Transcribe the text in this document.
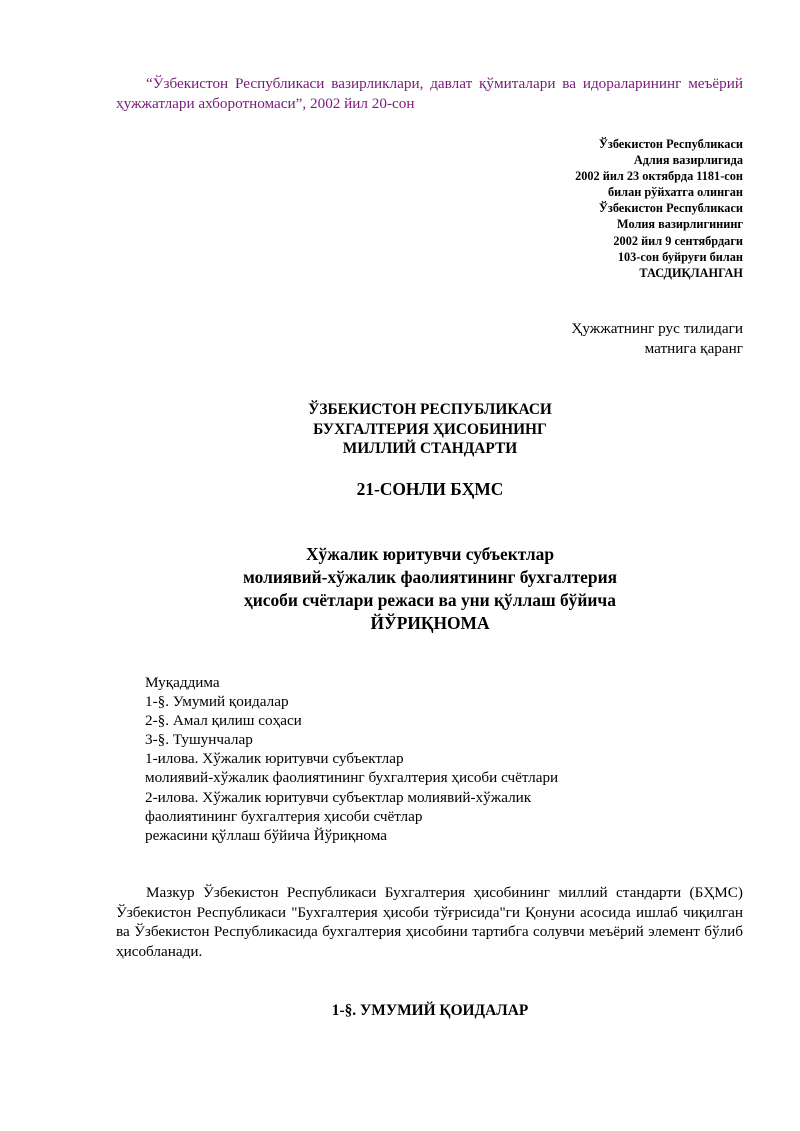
“Ўзбекистон Республикаси вазирликлари, давлат қўмиталари ва идораларининг меъёрий ҳужжатлари ахборотномаси”, 2002 йил 20-сон
Ўзбекистон Республикаси
Адлия вазирлигида
2002 йил 23 октябрда 1181-сон
билан рўйхатга олинган
Ўзбекистон Республикаси
Молия вазирлигининг
2002 йил 9 сентябрдаги
103-сон буйруғи билан
ТАСДИҚЛАНГАН
Ҳужжатнинг рус тилидаги
матнига қаранг
ЎЗБЕКИСТОН РЕСПУБЛИКАСИ
БУХГАЛТЕРИЯ ҲИСОБИНИНГ
МИЛЛИЙ СТАНДАРТИ
21-СОНЛИ БҲМС
Хўжалик юритувчи субъектлар
молиявий-хўжалик фаолиятининг бухгалтерия
ҳисоби счётлари режаси ва уни қўллаш бўйича
ЙЎРИҚНОМА
Муқаддима
1-§. Умумий қоидалар
2-§. Амал қилиш соҳаси
3-§. Тушунчалар
1-илова. Хўжалик юритувчи субъектлар
молиявий-хўжалик фаолиятининг бухгалтерия ҳисоби счётлари
2-илова. Хўжалик юритувчи субъектлар молиявий-хўжалик
фаолиятининг бухгалтерия ҳисоби счётлар
режасини қўллаш бўйича Йўриқнома
Мазкур Ўзбекистон Республикаси Бухгалтерия ҳисобининг миллий стандарти (БҲМС) Ўзбекистон Республикаси "Бухгалтерия ҳисоби тўғрисида"ги Қонуни асосида ишлаб чиқилган ва Ўзбекистон Республикасида бухгалтерия ҳисобини тартибга солувчи меъёрий элемент бўлиб ҳисобланади.
1-§. УМУМИЙ ҚОИДАЛАР
